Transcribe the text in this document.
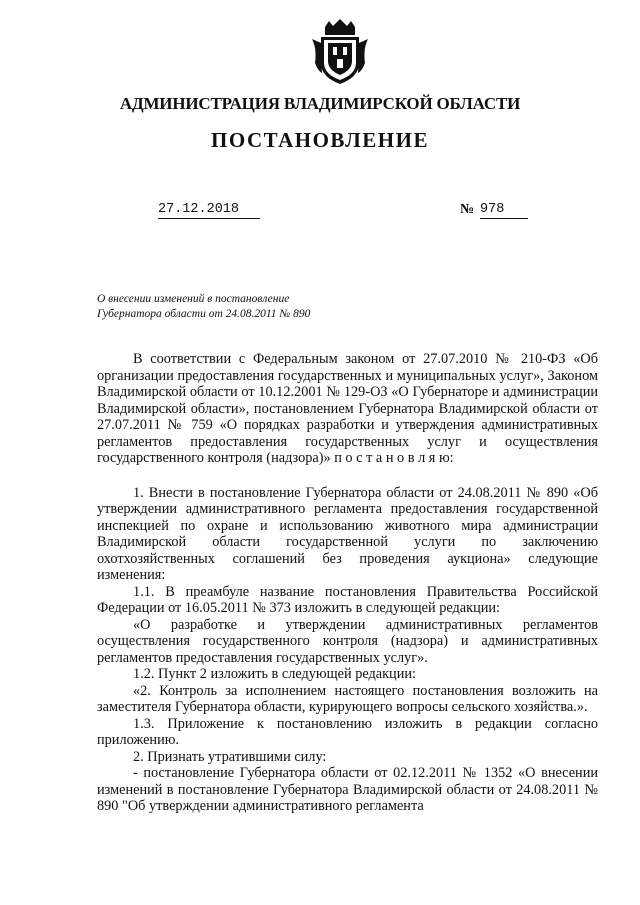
АДМИНИСТРАЦИЯ ВЛАДИМИРСКОЙ ОБЛАСТИ
ПОСТАНОВЛЕНИЕ
27.12.2018	№ 978
О внесении изменений в постановление
Губернатора области от 24.08.2011 № 890

В соответствии с Федеральным законом от 27.07.2010 № 210-ФЗ «Об организации предоставления государственных и муниципальных услуг», Законом Владимирской области от 10.12.2001 № 129-ОЗ «О Губернаторе и администрации Владимирской области», постановлением Губернатора Владимирской области от 27.07.2011 № 759 «О порядках разработки и утверждения административных регламентов предоставления государственных услуг и осуществления государственного контроля (надзора)» п о с т а н о в л я ю:

1. Внести в постановление Губернатора области от 24.08.2011 № 890 «Об утверждении административного регламента предоставления государственной инспекцией по охране и использованию животного мира администрации Владимирской области государственной услуги по заключению охотхозяйственных соглашений без проведения аукциона» следующие изменения:

1.1. В преамбуле название постановления Правительства Российской Федерации от 16.05.2011 № 373 изложить в следующей редакции:

«О разработке и утверждении административных регламентов осуществления государственного контроля (надзора) и административных регламентов предоставления государственных услуг».

1.2. Пункт 2 изложить в следующей редакции:

«2. Контроль за исполнением настоящего постановления возложить на заместителя Губернатора области, курирующего вопросы сельского хозяйства.».

1.3. Приложение к постановлению изложить в редакции согласно приложению.

2. Признать утратившими силу:

- постановление Губернатора области от 02.12.2011 № 1352 «О внесении изменений в постановление Губернатора Владимирской области от 24.08.2011 № 890 "Об утверждении административного регламента
